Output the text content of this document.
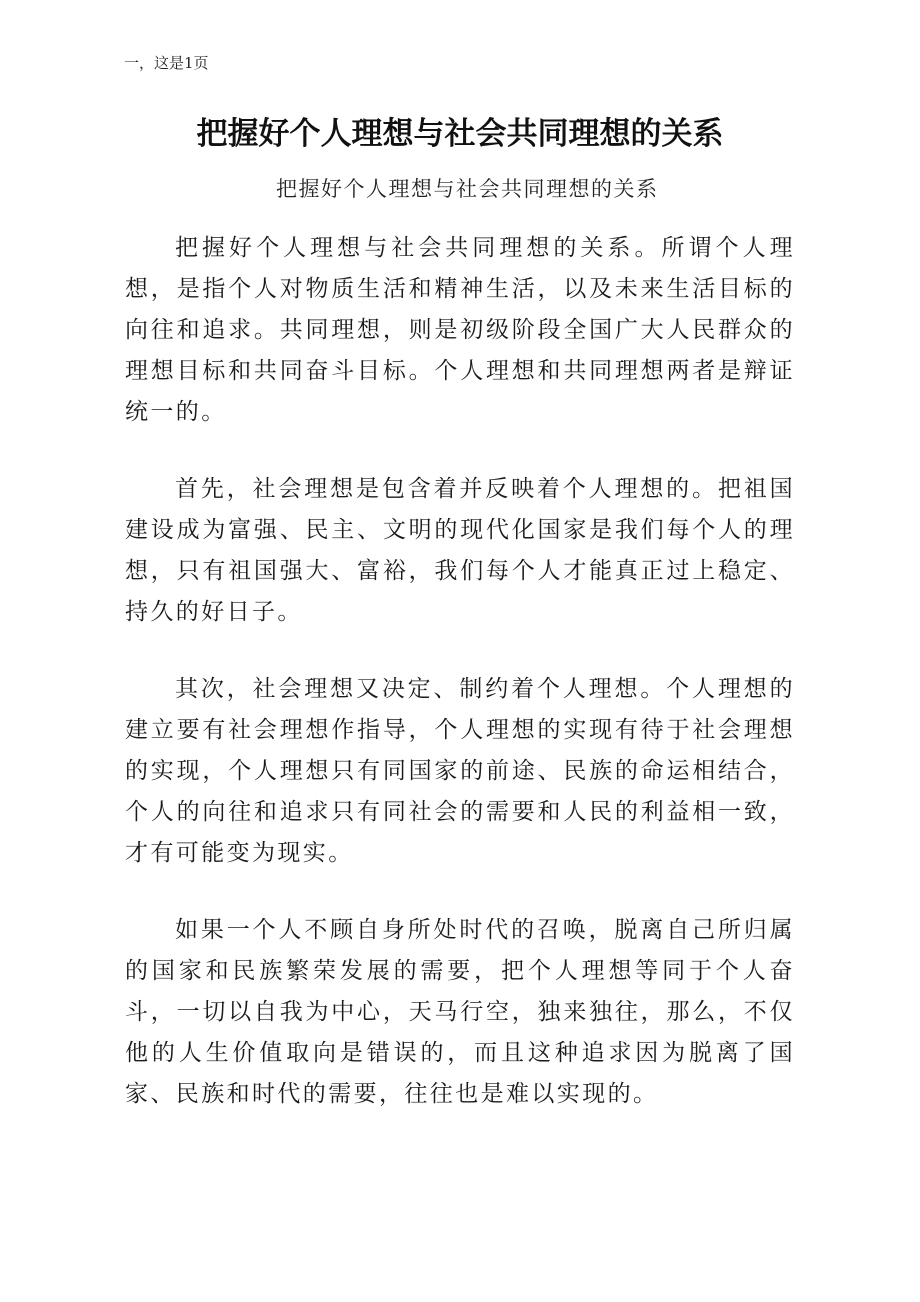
一，这是1页
把握好个人理想与社会共同理想的关系
把握好个人理想与社会共同理想的关系

把握好个人理想与社会共同理想的关系。所谓个人理想，是指个人对物质生活和精神生活，以及未来生活目标的向往和追求。共同理想，则是初级阶段全国广大人民群众的理想目标和共同奋斗目标。个人理想和共同理想两者是辩证统一的。

首先，社会理想是包含着并反映着个人理想的。把祖国建设成为富强、民主、文明的现代化国家是我们每个人的理想，只有祖国强大、富裕，我们每个人才能真正过上稳定、持久的好日子。

其次，社会理想又决定、制约着个人理想。个人理想的建立要有社会理想作指导，个人理想的实现有待于社会理想的实现，个人理想只有同国家的前途、民族的命运相结合，个人的向往和追求只有同社会的需要和人民的利益相一致，才有可能变为现实。

如果一个人不顾自身所处时代的召唤，脱离自己所归属的国家和民族繁荣发展的需要，把个人理想等同于个人奋斗，一切以自我为中心，天马行空，独来独往，那么，不仅他的人生价值取向是错误的，而且这种追求因为脱离了国家、民族和时代的需要，往往也是难以实现的。
